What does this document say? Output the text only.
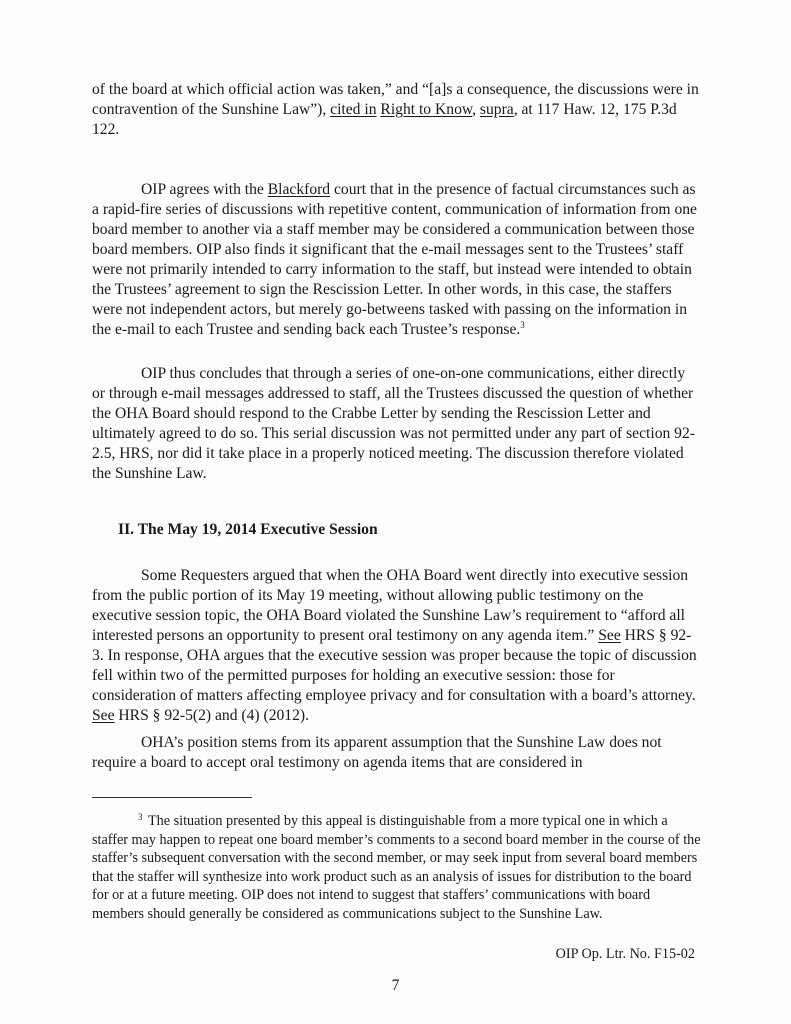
of the board at which official action was taken,” and “[a]s a consequence, the discussions were in contravention of the Sunshine Law”), cited in Right to Know, supra, at 117 Haw. 12, 175 P.3d 122.

OIP agrees with the Blackford court that in the presence of factual circumstances such as a rapid-fire series of discussions with repetitive content, communication of information from one board member to another via a staff member may be considered a communication between those board members. OIP also finds it significant that the e-mail messages sent to the Trustees’ staff were not primarily intended to carry information to the staff, but instead were intended to obtain the Trustees’ agreement to sign the Rescission Letter. In other words, in this case, the staffers were not independent actors, but merely go-betweens tasked with passing on the information in the e-mail to each Trustee and sending back each Trustee’s response.$^3$

OIP thus concludes that through a series of one-on-one communications, either directly or through e-mail messages addressed to staff, all the Trustees discussed the question of whether the OHA Board should respond to the Crabbe Letter by sending the Rescission Letter and ultimately agreed to do so. This serial discussion was not permitted under any part of section 92-2.5, HRS, nor did it take place in a properly noticed meeting. The discussion therefore violated the Sunshine Law.

II. The May 19, 2014 Executive Session

Some Requesters argued that when the OHA Board went directly into executive session from the public portion of its May 19 meeting, without allowing public testimony on the executive session topic, the OHA Board violated the Sunshine Law’s requirement to “afford all interested persons an opportunity to present oral testimony on any agenda item.” See HRS § 92-3. In response, OHA argues that the executive session was proper because the topic of discussion fell within two of the permitted purposes for holding an executive session: those for consideration of matters affecting employee privacy and for consultation with a board’s attorney. See HRS § 92-5(2) and (4) (2012).

OHA’s position stems from its apparent assumption that the Sunshine Law does not require a board to accept oral testimony on agenda items that are considered in

3 The situation presented by this appeal is distinguishable from a more typical one in which a staffer may happen to repeat one board member’s comments to a second board member in the course of the staffer’s subsequent conversation with the second member, or may seek input from several board members that the staffer will synthesize into work product such as an analysis of issues for distribution to the board for or at a future meeting. OIP does not intend to suggest that staffers’ communications with board members should generally be considered as communications subject to the Sunshine Law.

OIP Op. Ltr. No. F15-02

7
